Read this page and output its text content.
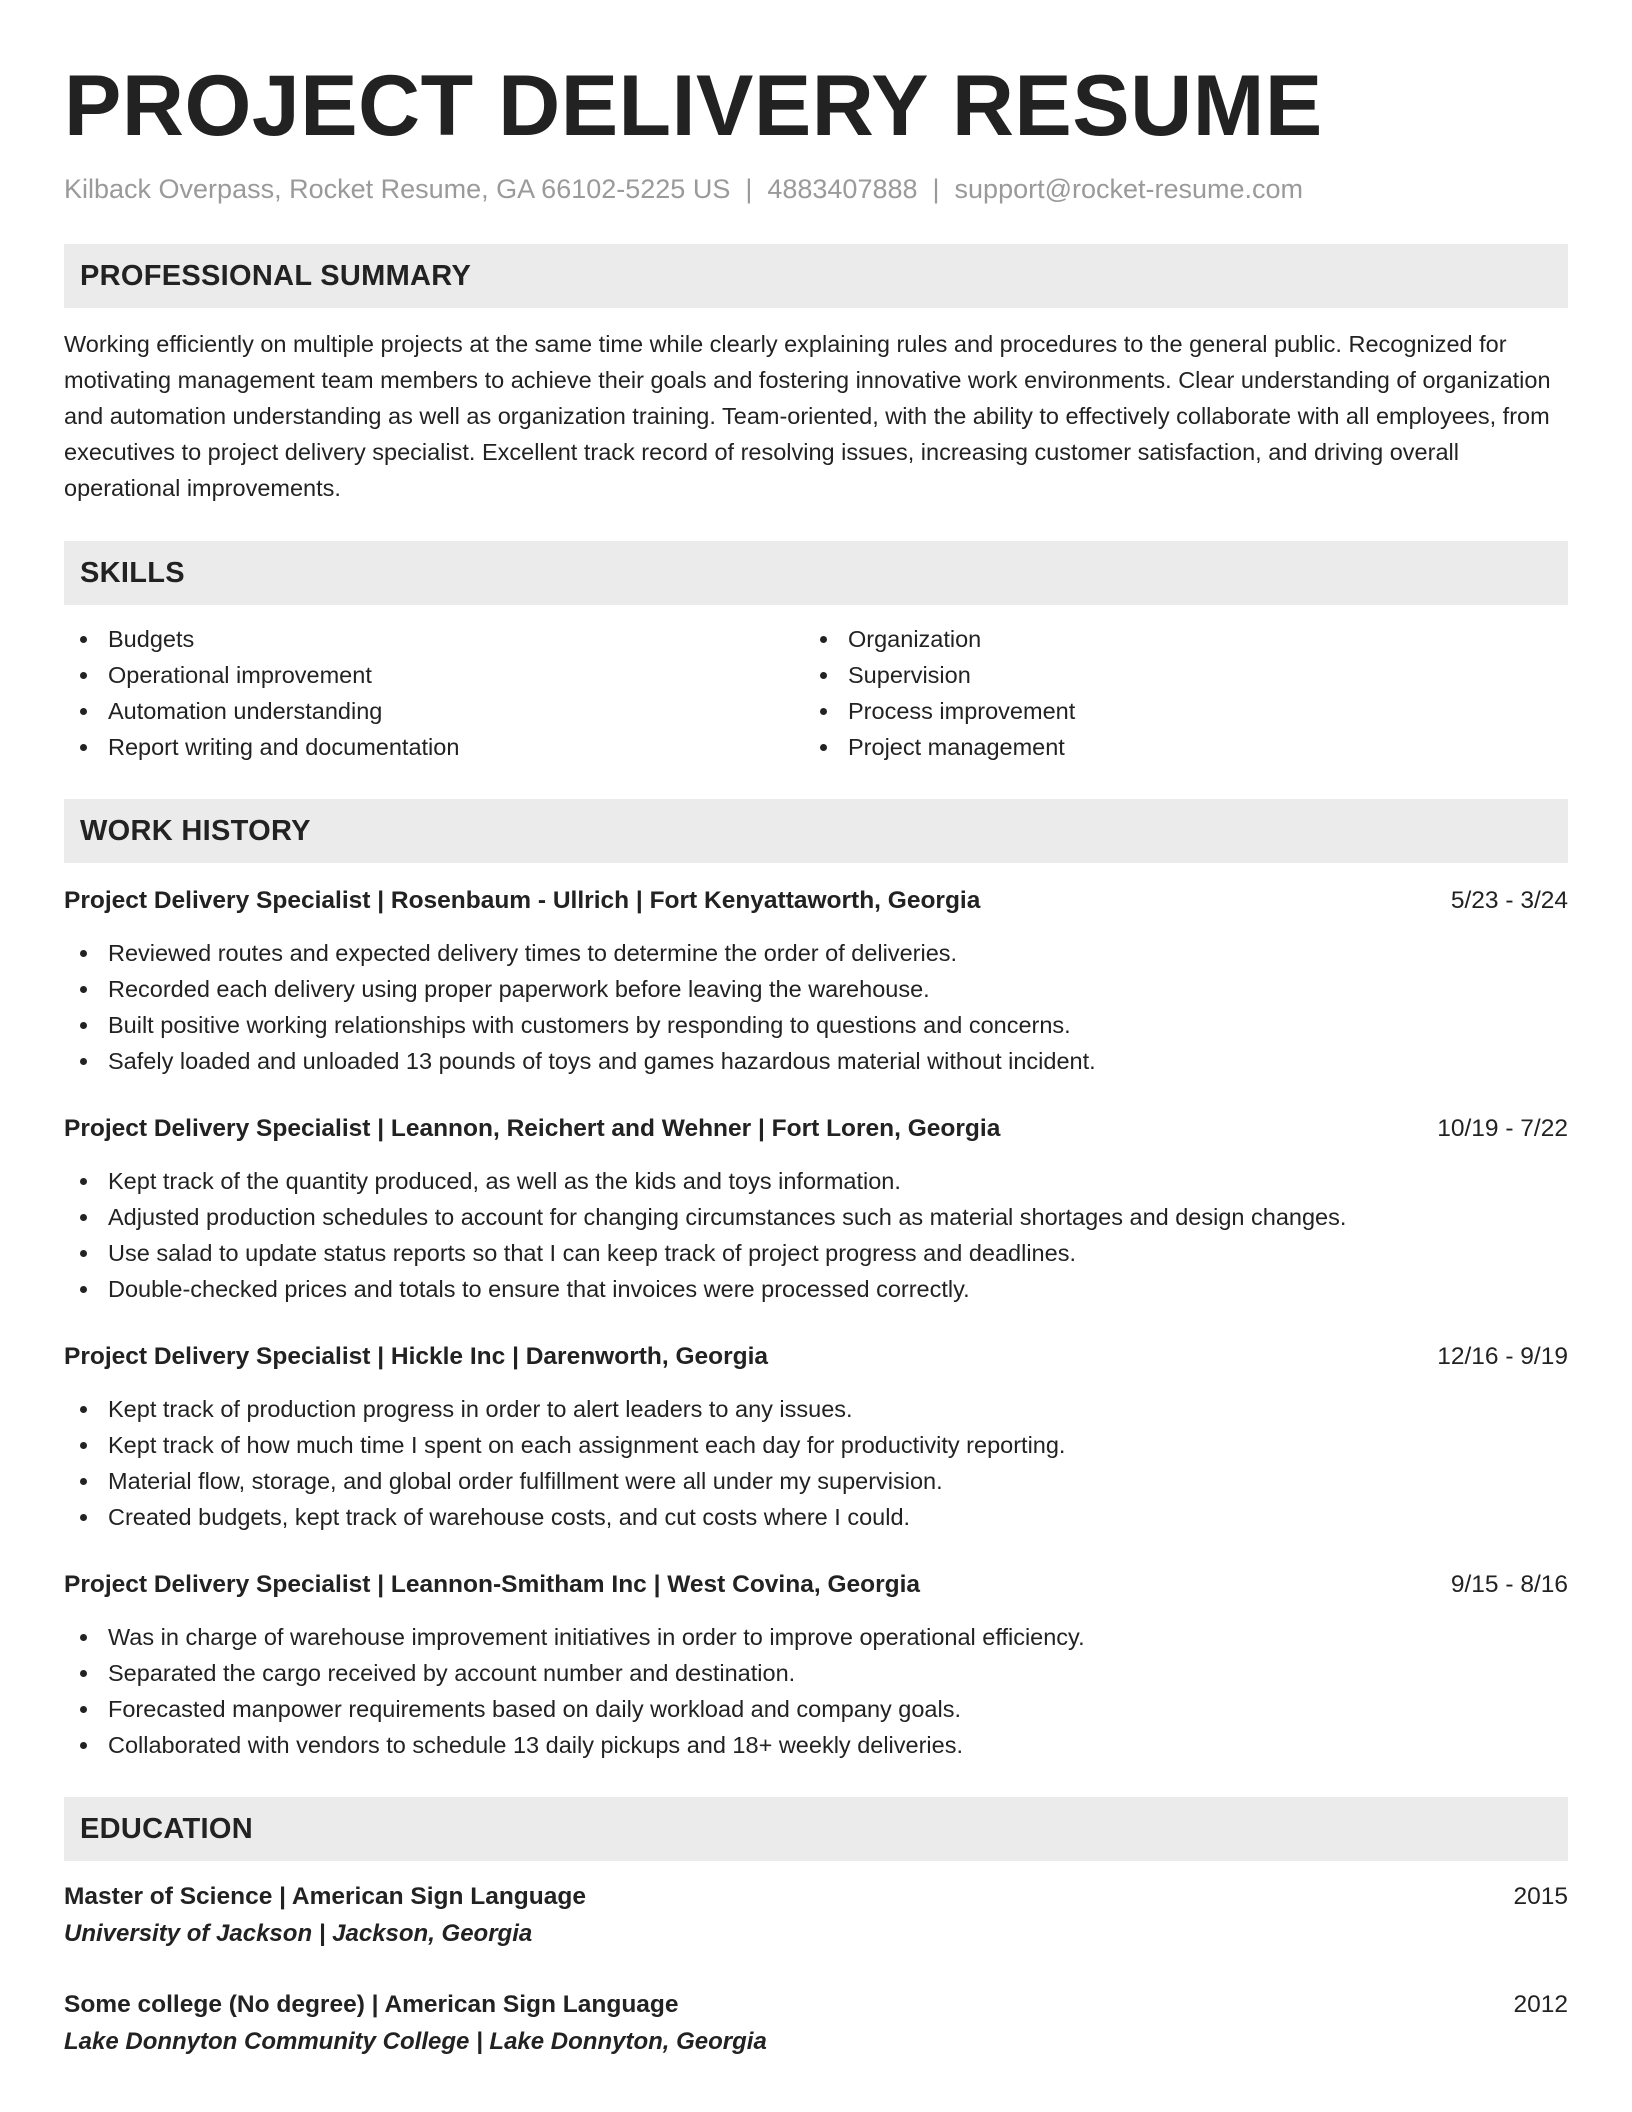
PROJECT DELIVERY RESUME
Kilback Overpass, Rocket Resume, GA 66102-5225 US | 4883407888 | support@rocket-resume.com
PROFESSIONAL SUMMARY
Working efficiently on multiple projects at the same time while clearly explaining rules and procedures to the general public. Recognized for motivating management team members to achieve their goals and fostering innovative work environments. Clear understanding of organization and automation understanding as well as organization training. Team-oriented, with the ability to effectively collaborate with all employees, from executives to project delivery specialist. Excellent track record of resolving issues, increasing customer satisfaction, and driving overall operational improvements.
SKILLS
Budgets
Operational improvement
Automation understanding
Report writing and documentation
Organization
Supervision
Process improvement
Project management
WORK HISTORY
Project Delivery Specialist | Rosenbaum - Ullrich | Fort Kenyattaworth, Georgia	5/23 - 3/24
Reviewed routes and expected delivery times to determine the order of deliveries.
Recorded each delivery using proper paperwork before leaving the warehouse.
Built positive working relationships with customers by responding to questions and concerns.
Safely loaded and unloaded 13 pounds of toys and games hazardous material without incident.
Project Delivery Specialist | Leannon, Reichert and Wehner | Fort Loren, Georgia	10/19 - 7/22
Kept track of the quantity produced, as well as the kids and toys information.
Adjusted production schedules to account for changing circumstances such as material shortages and design changes.
Use salad to update status reports so that I can keep track of project progress and deadlines.
Double-checked prices and totals to ensure that invoices were processed correctly.
Project Delivery Specialist | Hickle Inc | Darenworth, Georgia	12/16 - 9/19
Kept track of production progress in order to alert leaders to any issues.
Kept track of how much time I spent on each assignment each day for productivity reporting.
Material flow, storage, and global order fulfillment were all under my supervision.
Created budgets, kept track of warehouse costs, and cut costs where I could.
Project Delivery Specialist | Leannon-Smitham Inc | West Covina, Georgia	9/15 - 8/16
Was in charge of warehouse improvement initiatives in order to improve operational efficiency.
Separated the cargo received by account number and destination.
Forecasted manpower requirements based on daily workload and company goals.
Collaborated with vendors to schedule 13 daily pickups and 18+ weekly deliveries.
EDUCATION
Master of Science | American Sign Language	2015
University of Jackson | Jackson, Georgia
Some college (No degree) | American Sign Language	2012
Lake Donnyton Community College | Lake Donnyton, Georgia
